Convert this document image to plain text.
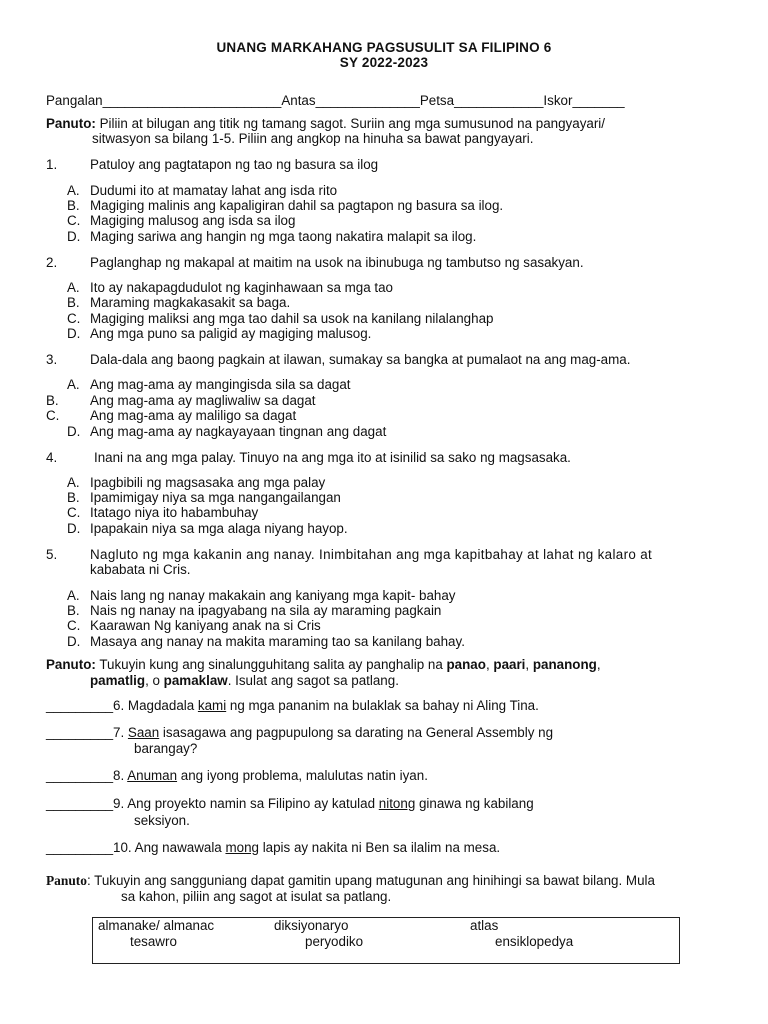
UNANG MARKAHANG PAGSUSULIT SA FILIPINO 6
SY 2022-2023
Pangalan________________________Antas______________Petsa____________Iskor_______
Panuto: Piliin at bilugan ang titik ng tamang sagot. Suriin ang mga sumusunod na pangyayari/
sitwasyon sa bilang 1-5. Piliin ang angkop na hinuha sa bawat pangyayari.
1. Patuloy ang pagtatapon ng tao ng basura sa ilog
A. Dudumi ito at mamatay lahat ang isda rito
B. Magiging malinis ang kapaligiran dahil sa pagtapon ng basura sa ilog.
C. Magiging malusog ang isda sa ilog
D. Maging sariwa ang hangin ng mga taong nakatira malapit sa ilog.
2. Paglanghap ng makapal at maitim na usok na ibinubuga ng tambutso ng sasakyan.
A. Ito ay nakapagdudulot ng kaginhawaan sa mga tao
B. Maraming magkakasakit sa baga.
C. Magiging maliksi ang mga tao dahil sa usok na kanilang nilalanghap
D. Ang mga puno sa paligid ay magiging malusog.
3. Dala-dala ang baong pagkain at ilawan, sumakay sa bangka at pumalaot na ang mag-ama.
A. Ang mag-ama ay mangingisda sila sa dagat
B. Ang mag-ama ay magliwaliw sa dagat
C. Ang mag-ama ay maliligo sa dagat
D. Ang mag-ama ay nagkayayaan tingnan ang dagat
4.	Inani na ang mga palay. Tinuyo na ang mga ito at isinilid sa sako ng magsasaka.
A. Ipagbibili ng magsasaka ang mga palay
B. Ipamimigay niya sa mga nangangailangan
C. Itatago niya ito habambuhay
D. Ipapakain niya sa mga alaga niyang hayop.
5. Nagluto ng mga kakanin ang nanay. Inimbitahan ang mga kapitbahay at lahat ng kalaro at
kababata ni Cris.
A. Nais lang ng nanay makakain ang kaniyang mga kapit- bahay
B. Nais ng nanay na ipagyabang na sila ay maraming pagkain
C. Kaarawan Ng kaniyang anak na si Cris
D. Masaya ang nanay na makita maraming tao sa kanilang bahay.
Panuto: Tukuyin kung ang sinalungguhitang salita ay panghalip na panao, paari, pananong,
pamatlig, o pamaklaw. Isulat ang sagot sa patlang.
_________6. Magdadala kami ng mga pananim na bulaklak sa bahay ni Aling Tina.
_________7. Saan isasagawa ang pagpupulong sa darating na General Assembly ng
barangay?
_________8. Anuman ang iyong problema, malulutas natin iyan.
_________9. Ang proyekto namin sa Filipino ay katulad nitong ginawa ng kabilang
seksiyon.
_________10. Ang nawawala mong lapis ay nakita ni Ben sa ilalim na mesa.
Panuto: Tukuyin ang sangguniang dapat gamitin upang matugunan ang hinihingi sa bawat bilang. Mula
sa kahon, piliin ang sagot at isulat sa patlang.
almanake/ almanac	diksiyonaryo	atlas
tesawro	peryodiko	ensiklopedya
